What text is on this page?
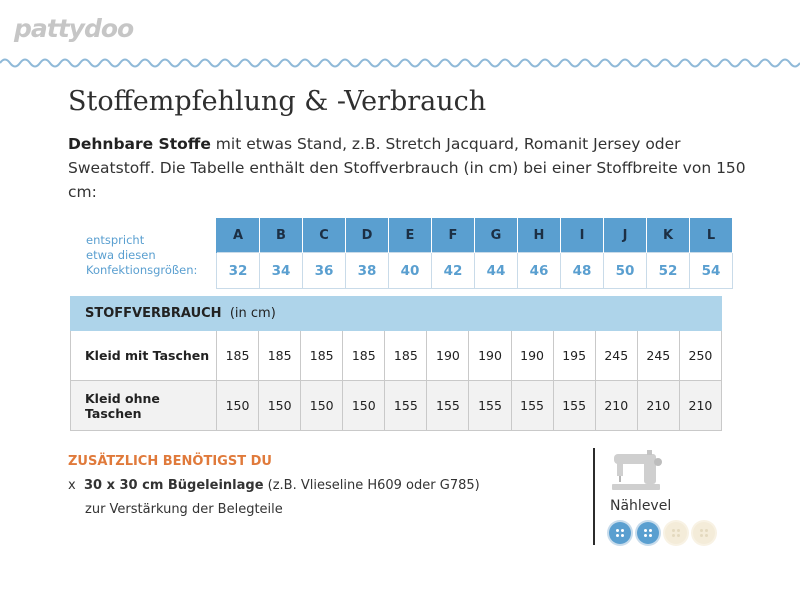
pattydoo
Stoffempfehlung & -Verbrauch

Dehnbare Stoffe mit etwas Stand, z.B. Stretch Jacquard, Romanit Jersey oder Sweatstoff. Die Tabelle enthält den Stoffverbrauch (in cm) bei einer Stoffbreite von 150 cm:

entspricht
etwa diesen
Konfektionsgrößen:
A	B	C	D	E	F	G	H	I	J	K	L
32	34	36	38	40	42	44	46	48	50	52	54
STOFFVERBRAUCH (in cm)												
Kleid mit Taschen	185	185	185	185	185	190	190	190	195	245	245	250
Kleid ohne Taschen	150	150	150	150	155	155	155	155	155	210	210	210
ZUSÄTZLICH BENÖTIGST DU
x 30 x 30 cm Bügeleinlage (z.B. Vlieseline H609 oder G785)
zur Verstärkung der Belegteile	Nählevel
